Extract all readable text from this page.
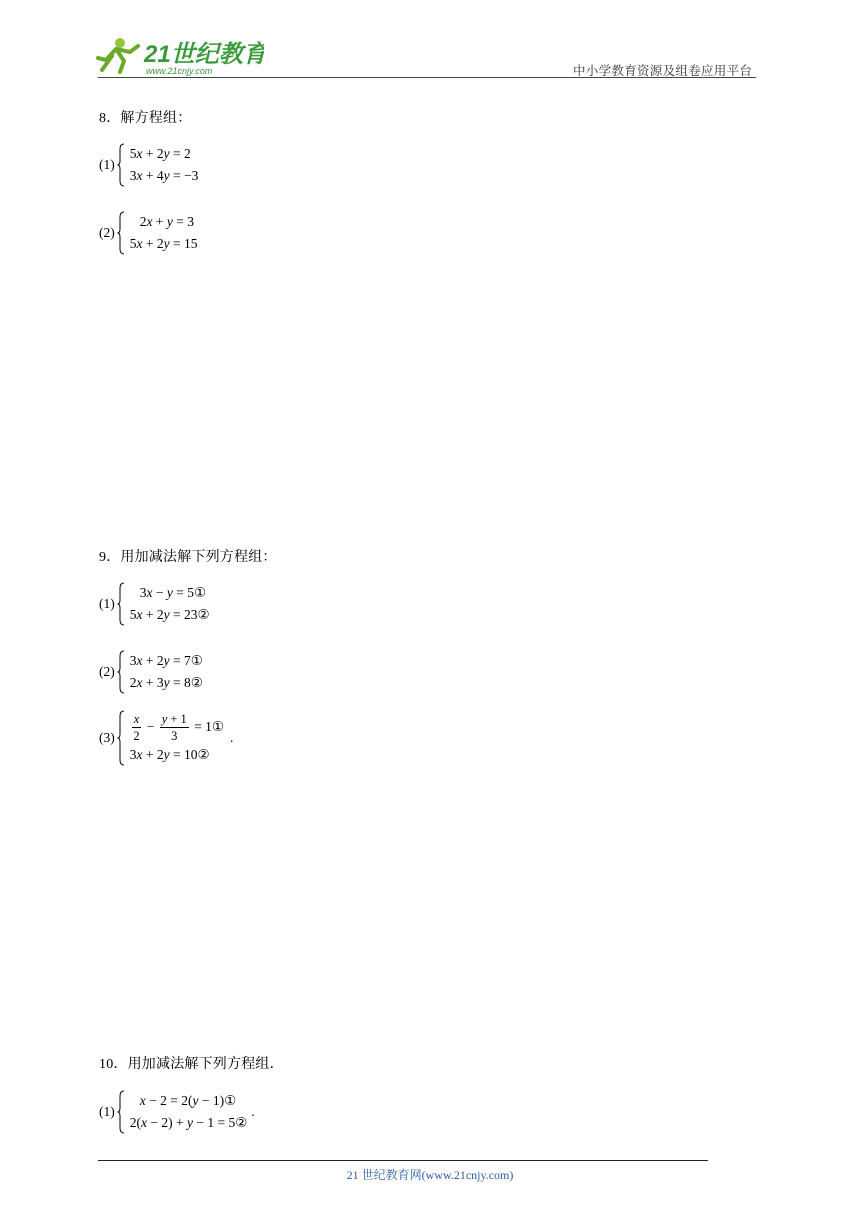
21世纪教育
www.21cnjy.com	中小学教育资源及组卷应用平台
8．解方程组：
(1)
5x + 2y = 2
3x + 4y = −3
(2)
2x + y = 3
5x + 2y = 15
9．用加减法解下列方程组：
(1)
3x − y = 5①
5x + 2y = 23②
(2)
3x + 2y = 7①
2x + 3y = 8②
$(3) \frac{x}{2} - \frac{y + 1}{3}$ = 1①
3x + 2y = 10②
.
10．用加减法解下列方程组．
(1)
x − 2 = 2(y − 1)①
2(x − 2) + y − 1 = 5②
.
21 世纪教育网(www.21cnjy.com)
